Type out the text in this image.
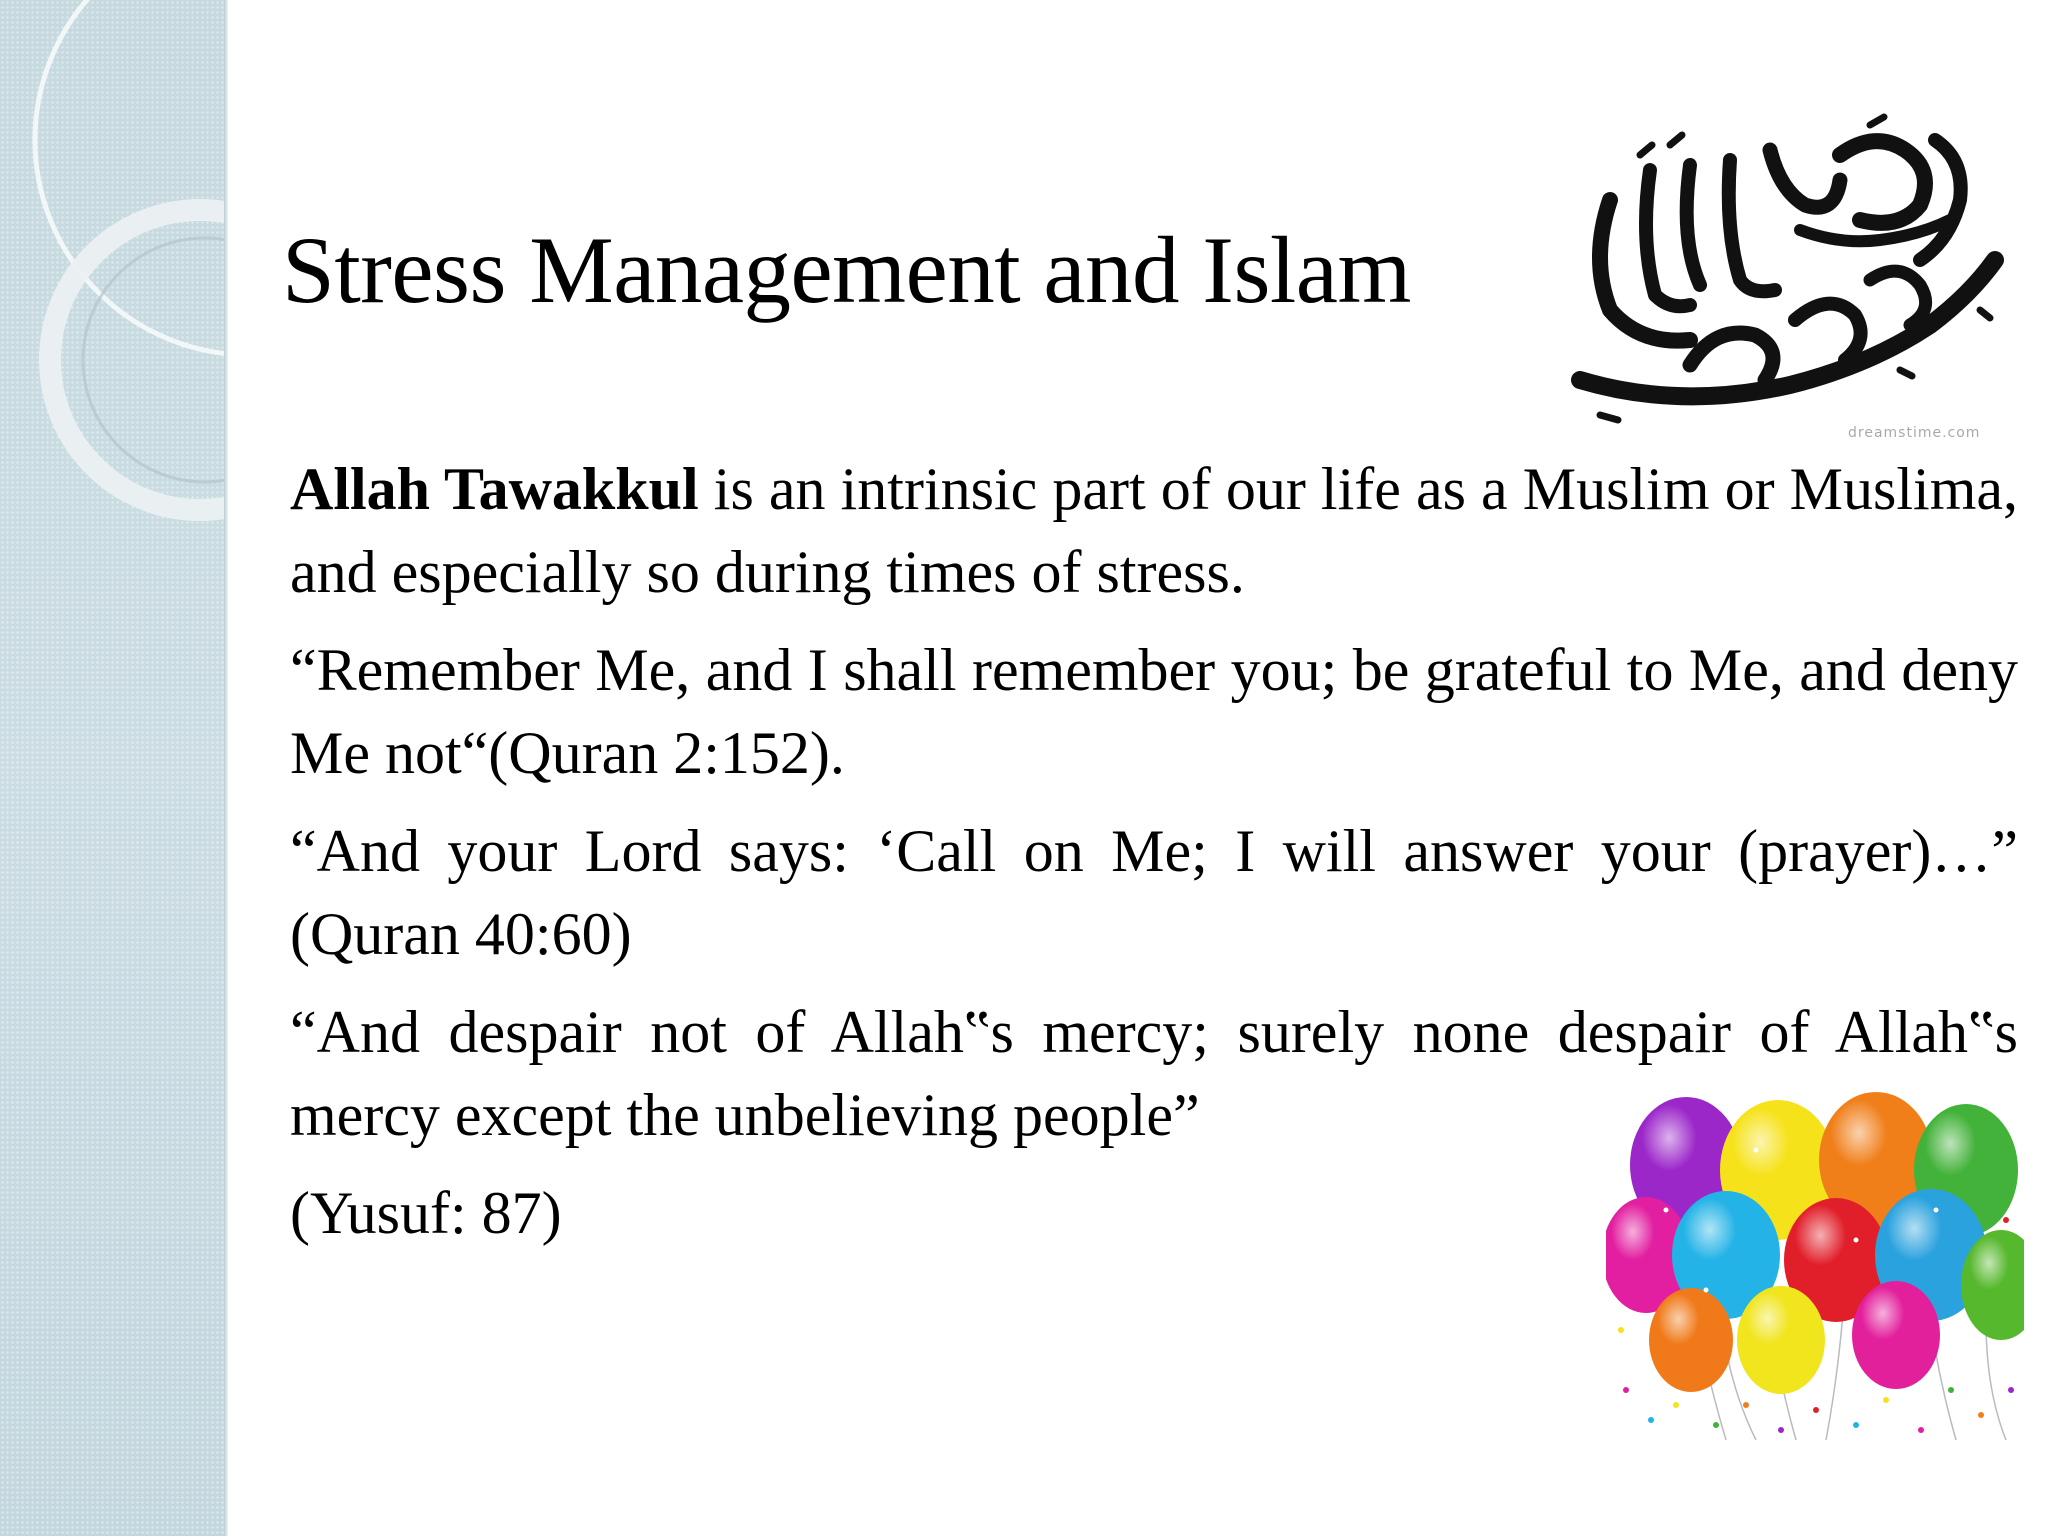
Stress Management and Islam
dreamstime.com

Allah Tawakkul is an intrinsic part of our life as a Muslim or Muslima, and especially so during times of stress.

“Remember Me, and I shall remember you; be grateful to Me, and deny Me not“(Quran 2:152).

“And your Lord says: ‘Call on Me; I will answer your (prayer)…” (Quran 40:60)

“And despair not of Allah‟s mercy; surely none despair of Allah‟s mercy except the unbelieving people”

(Yusuf: 87)
